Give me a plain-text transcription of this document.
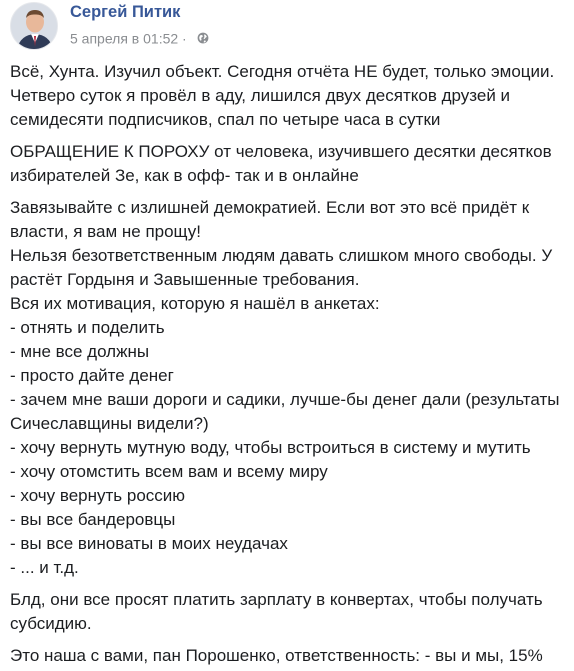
Сергей Питик
5 апреля в 01:52 ·

Всё, Хунта. Изучил объект. Сегодня отчёта НЕ будет, только эмоции.
Четверо суток я провёл в аду, лишился двух десятков друзей и
семидесяти подписчиков, спал по четыре часа в сутки

ОБРАЩЕНИЕ К ПОРОХУ от человека, изучившего десятки десятков
избирателей Зе, как в офф- так и в онлайне

Завязывайте с излишней демократией. Если вот это всё придёт к
власти, я вам не прощу!
Нельзя безответственным людям давать слишком много свободы. У
растёт Гордыня и Завышенные требования.
Вся их мотивация, которую я нашёл в анкетах:
- отнять и поделить
- мне все должны
- просто дайте денег
- зачем мне ваши дороги и садики, лучше-бы денег дали (результаты
Сичеславщины видели?)
- хочу вернуть мутную воду, чтобы встроиться в систему и мутить
- хочу отомстить всем вам и всему миру
- хочу вернуть россию
- вы все бандеровцы
- вы все виноваты в моих неудачах
- ... и т.д.

Блд, они все просят платить зарплату в конвертах, чтобы получать
субсидию.

Это наша с вами, пан Порошенко, ответственность: - вы и мы, 15%
